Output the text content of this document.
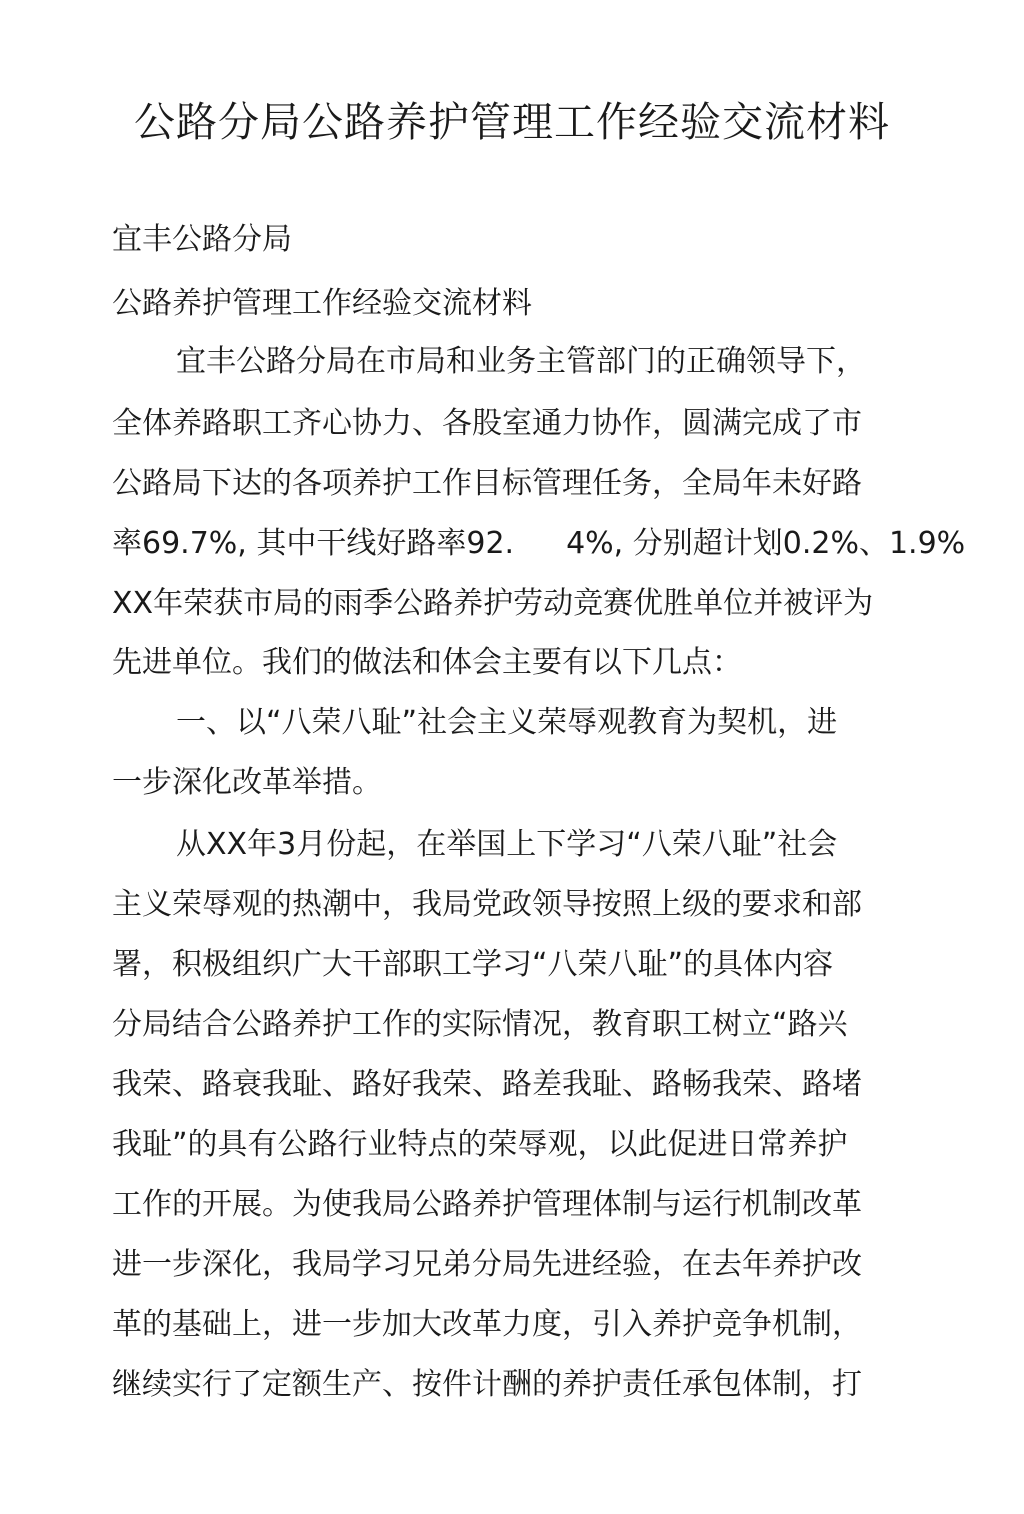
公路分局公路养护管理工作经验交流材料
宜丰公路分局
公路养护管理工作经验交流材料
宜丰公路分局在市局和业务主管部门的正确领导下，
全体养路职工齐心协力、各股室通力协作，圆满完成了市
公路局下达的各项养护工作目标管理任务，全局年未好路
率69.7%, 其中干线好路率92. 4%, 分别超计划0.2%、1.9%
XX年荣获市局的雨季公路养护劳动竞赛优胜单位并被评为
先进单位。我们的做法和体会主要有以下几点：
一、以“八荣八耻”社会主义荣辱观教育为契机，进
一步深化改革举措。
从XX年3月份起，在举国上下学习“八荣八耻”社会
主义荣辱观的热潮中，我局党政领导按照上级的要求和部
署，积极组织广大干部职工学习“八荣八耻”的具体内容
分局结合公路养护工作的实际情况，教育职工树立“路兴
我荣、路衰我耻、路好我荣、路差我耻、路畅我荣、路堵
我耻”的具有公路行业特点的荣辱观，以此促进日常养护
工作的开展。为使我局公路养护管理体制与运行机制改革
进一步深化，我局学习兄弟分局先进经验，在去年养护改
革的基础上，进一步加大改革力度，引入养护竞争机制，
继续实行了定额生产、按件计酬的养护责任承包体制，打
